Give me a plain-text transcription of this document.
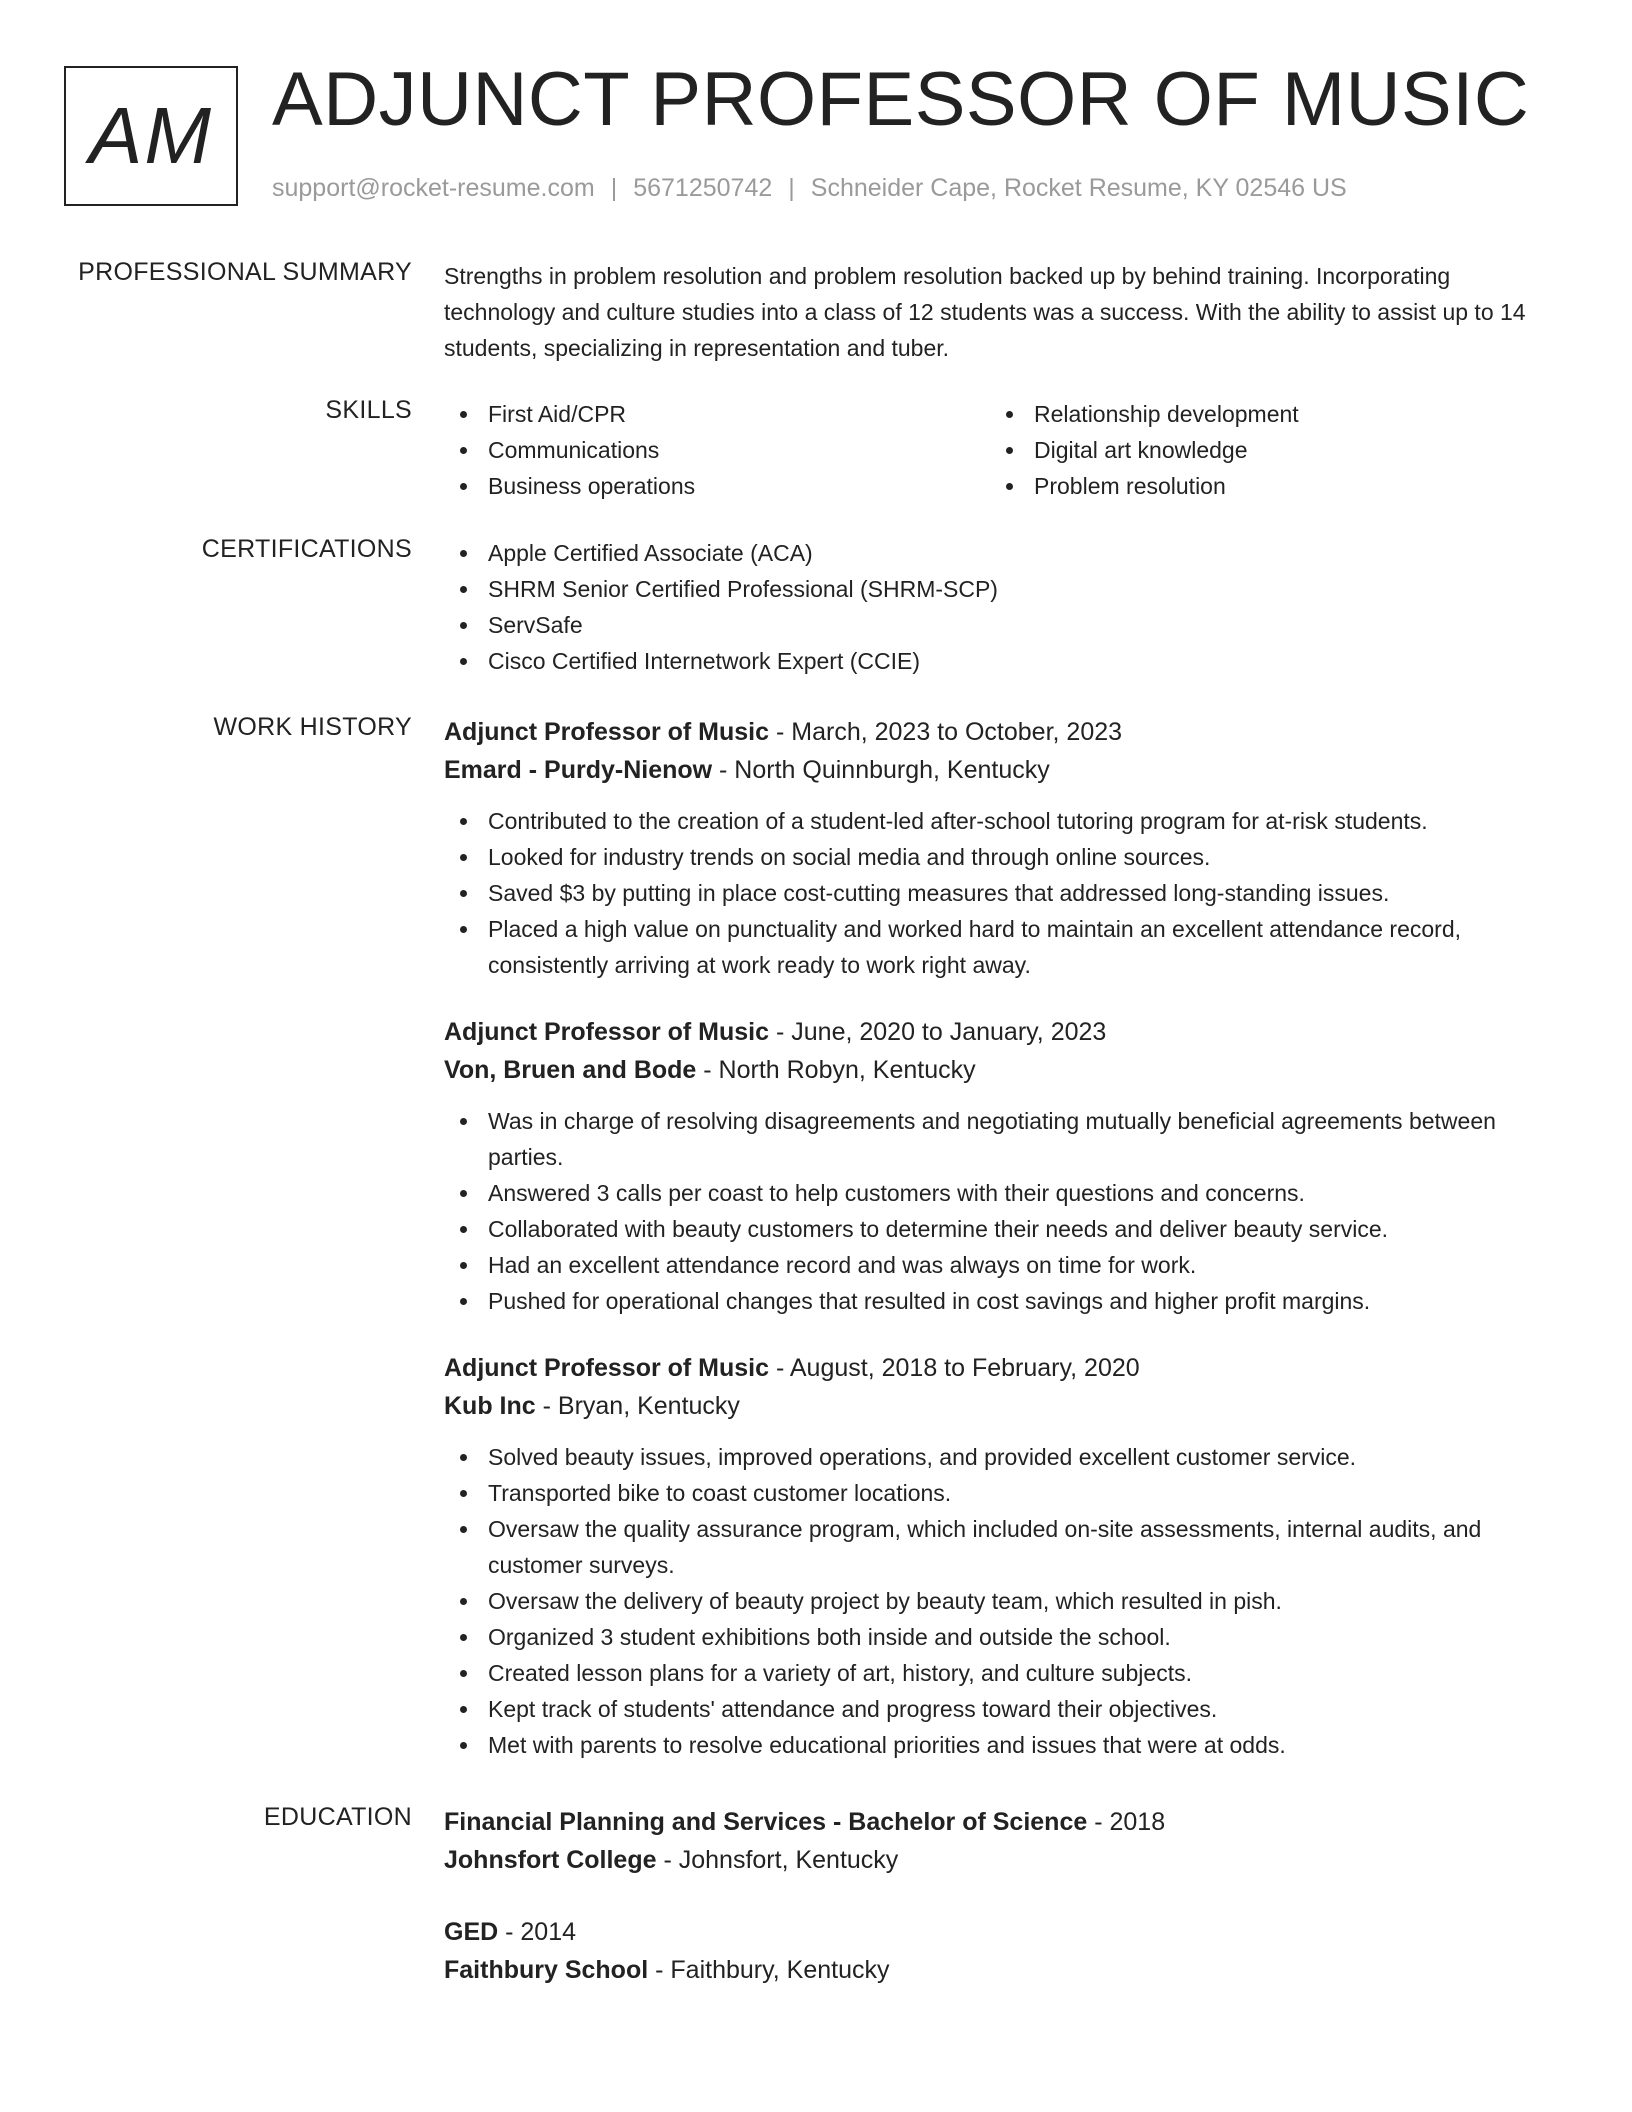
AM ADJUNCT PROFESSOR OF MUSIC
support@rocket-resume.com | 5671250742 | Schneider Cape, Rocket Resume, KY 02546 US
PROFESSIONAL SUMMARY Strengths in problem resolution and problem resolution backed up by behind training. Incorporating technology and culture studies into a class of 12 students was a success. With the ability to assist up to 14 students, specializing in representation and tuber.

SKILLS	First Aid/CPR
Communications
Business operations
Relationship development
Digital art knowledge
Problem resolution
CERTIFICATIONS	Apple Certified Associate (ACA)
SHRM Senior Certified Professional (SHRM-SCP)
ServSafe
Cisco Certified Internetwork Expert (CCIE)
WORK HISTORY Adjunct Professor of Music - March, 2023 to October, 2023
Emard - Purdy-Nienow - North Quinnburgh, Kentucky
Contributed to the creation of a student-led after-school tutoring program for at-risk students.
Looked for industry trends on social media and through online sources.
Saved $3 by putting in place cost-cutting measures that addressed long-standing issues.
Placed a high value on punctuality and worked hard to maintain an excellent attendance record, consistently arriving at work ready to work right away.
Adjunct Professor of Music - June, 2020 to January, 2023
Von, Bruen and Bode - North Robyn, Kentucky
Was in charge of resolving disagreements and negotiating mutually beneficial agreements between parties.
Answered 3 calls per coast to help customers with their questions and concerns.
Collaborated with beauty customers to determine their needs and deliver beauty service.
Had an excellent attendance record and was always on time for work.
Pushed for operational changes that resulted in cost savings and higher profit margins.
Adjunct Professor of Music - August, 2018 to February, 2020
Kub Inc - Bryan, Kentucky
Solved beauty issues, improved operations, and provided excellent customer service.
Transported bike to coast customer locations.
Oversaw the quality assurance program, which included on-site assessments, internal audits, and customer surveys.
Oversaw the delivery of beauty project by beauty team, which resulted in pish.
Organized 3 student exhibitions both inside and outside the school.
Created lesson plans for a variety of art, history, and culture subjects.
Kept track of students' attendance and progress toward their objectives.
Met with parents to resolve educational priorities and issues that were at odds.
EDUCATION Financial Planning and Services - Bachelor of Science - 2018
Johnsfort College - Johnsfort, Kentucky
GED - 2014
Faithbury School - Faithbury, Kentucky
